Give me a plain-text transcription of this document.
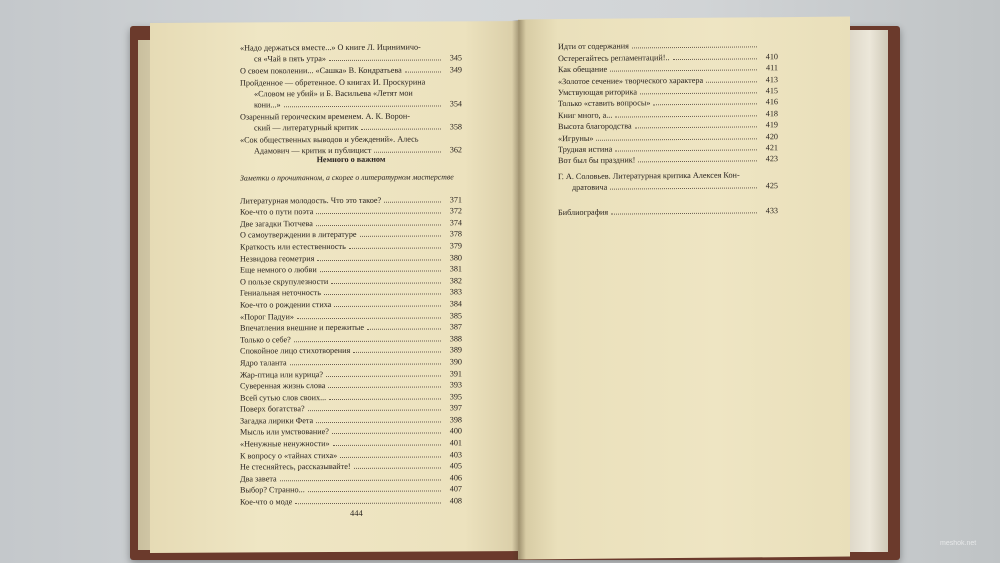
«Надо держаться вместе...» О книге Л. Ицинимичо-
ся «Чай в пять утра»	345
О своем поколении... «Сашка» В. Кондратьева	349
Пройденное — обретенное. О книгах И. Проскурина
«Словом не убий» и Б. Васильева «Летят мои
кони...»	354
Озаренный героическим временем. А. К. Ворон-
ский — литературный критик	358
«Сок общественных выводов и убеждений». Алесь
Адамович — критик и публицист	362
Немного о важном
Заметки о прочитанном, а скорее о литературном мастерстве
Литературная молодость. Что это такое?	371
Кое-что о пути поэта	372
Две загадки Тютчева	374
О самоутверждении в литературе	378
Краткость или естественность	379
Незвидова геометрия	380
Еще немного о любви	381
О пользе скрупулезности	382
Гениальная неточность	383
Кое-что о рождении стиха	384
«Порог Падуи»	385
Впечатления внешние и пережитые	387
Только о себе?	388
Спокойное лицо стихотворения	389
Ядро таланта	390
Жар-птица или курица?	391
Суверенная жизнь слова	393
Всей сутью слов своих...	395
Поверх богатства?	397
Загадка лирики Фета	398
Мысль или умствование?	400
«Ненужные ненужности»	401
К вопросу о «тайнах стиха»	403
Не стесняйтесь, рассказывайте!	405
Два завета	406
Выбор? Странно...	407
Кое-что о моде	408
444
Идти от содержания
Остерегайтесь регламентаций!..	410
Как обещание	411
«Золотое сечение» творческого характера	413
Умствующая риторика	415
Только «ставить вопросы»	416
Книг много, а...	418
Высота благородства	419
«Игруны»	420
Трудная истина	421
Вот был бы праздник!	423
Г. А. Соловьев. Литературная критика Алексея Кон-
дратовича	425
Библиография	433
meshok.net
